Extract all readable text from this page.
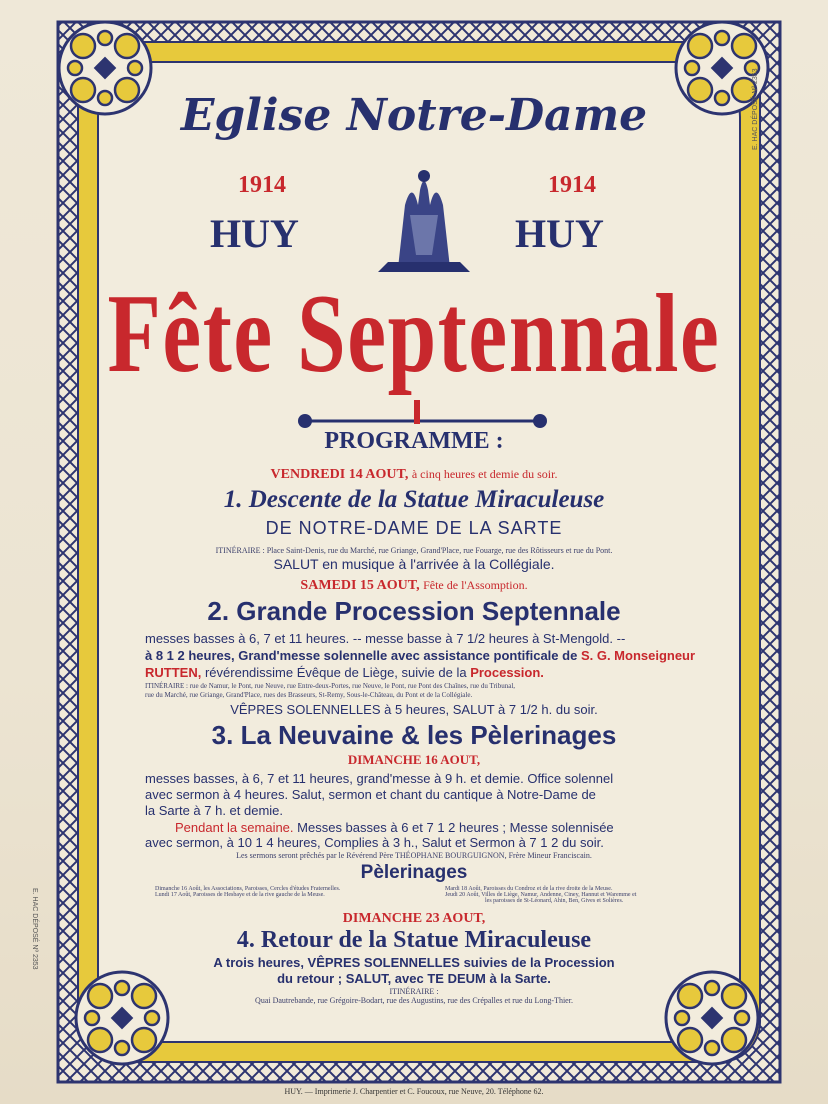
Eglise Notre-Dame
1914	1914
HUY	HUY
Fête Septennale
PROGRAMME :
VENDREDI 14 AOUT, à cinq heures et demie du soir.
1. Descente de la Statue Miraculeuse
DE NOTRE-DAME DE LA SARTE
ITINÉRAIRE : Place Saint-Denis, rue du Marché, rue Griange, Grand'Place, rue Fouarge, rue des Rôtisseurs et rue du Pont.
SALUT en musique à l'arrivée à la Collégiale.
SAMEDI 15 AOUT, Fête de l'Assomption.
2. Grande Procession Septennale
messes basses à 6, 7 et 11 heures. -- messe basse à 7 1/2 heures à St-Mengold. --
à 8 1 2 heures, Grand'messe solennelle avec assistance pontificale de S. G. Monseigneur
RUTTEN, révérendissime Évêque de Liège, suivie de la Procession.
ITINÉRAIRE : rue de Namur, le Pont, rue Neuve, rue Entre-deux-Portes, rue Neuve, le Pont, rue Pont des Chaînes, rue du Tribunal,
rue du Marché, rue Griange, Grand'Place, rues des Brasseurs, St-Remy, Sous-le-Château, du Pont et de la Collégiale.
VÊPRES SOLENNELLES à 5 heures, SALUT à 7 1/2 h. du soir.
3. La Neuvaine & les Pèlerinages
DIMANCHE 16 AOUT,
messes basses, à 6, 7 et 11 heures, grand'messe à 9 h. et demie. Office solennel
avec sermon à 4 heures. Salut, sermon et chant du cantique à Notre-Dame de
la Sarte à 7 h. et demie.
Pendant la semaine. Messes basses à 6 et 7 1 2 heures ; Messe solennisée
avec sermon, à 10 1 4 heures, Complies à 3 h., Salut et Sermon à 7 1 2 du soir.
Les sermons seront prêchés par le Révérend Père THÉOPHANE BOURGUIGNON, Frère Mineur Franciscain.
Pèlerinages
Dimanche 16 Août, les Associations, Paroisses, Cercles d'études Fraternelles.
Lundi 17 Août, Paroisses de Hesbaye et de la rive gauche de la Meuse.
Mardi 18 Août, Paroisses du Condroz et de la rive droite de la Meuse.
Jeudi 20 Août, Villes de Liège, Namur, Andenne, Ciney, Hannut et Waremme et
les paroisses de St-Léonard, Ahin, Ben, Gives et Solières.
DIMANCHE 23 AOUT,
4. Retour de la Statue Miraculeuse
A trois heures, VÊPRES SOLENNELLES suivies de la Procession
du retour ; SALUT, avec TE DEUM à la Sarte.
ITINÉRAIRE :
Quai Dautrebande, rue Grégoire-Bodart, rue des Augustins, rue des Crépalles et rue du Long-Thier.
HUY. — Imprimerie J. Charpentier et C. Foucoux, rue Neuve, 20. Téléphone 62.
E. HAC DÉPOSÉ Nº 2353
E. HAC DÉPOSÉ Nº 2353
